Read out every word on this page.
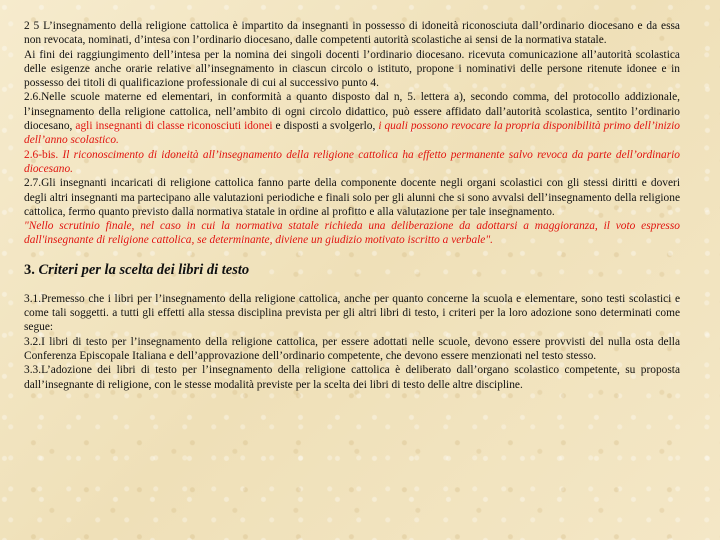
2 5 L’insegnamento della religione cattolica è impartito da insegnanti in possesso di idoneità riconosciuta dall’ordinario diocesano e da essa non revocata, nominati, d’intesa con l’ordinario diocesano, dalle competenti autorità scolastiche ai sensi de la normativa statale.

Ai fini dei raggiungimento dell’intesa per la nomina dei singoli docenti l’ordinario diocesano. ricevuta comunicazione all’autorità scolastica delle esigenze anche orarie relative all’insegnamento in ciascun circolo o istituto, propone i nominativi delle persone ritenute idonee e in possesso dei titoli di qualificazione professionale di cui al successivo punto 4.

2.6.Nelle scuole materne ed elementari, in conformità a quanto disposto dal n, 5. lettera a), secondo comma, del protocollo addizionale, l’insegnamento della religione cattolica, nell’ambito di ogni circolo didattico, può essere affidato dall’autorità scolastica, sentito l’ordinario diocesano, agli insegnanti di classe riconosciuti idonei e disposti a svolgerlo, i quali possono revocare la propria disponibilità primo dell’inizio dell’anno scolastico.

2.6-bis. Il riconoscimento di idoneità all’insegnamento della religione cattolica ha effetto permanente salvo revoca da parte dell’ordinario diocesano.

2.7.Gli insegnanti incaricati di religione cattolica fanno parte della componente docente negli organi scolastici con gli stessi diritti e doveri degli altri insegnanti ma partecipano alle valutazioni periodiche e finali solo per gli alunni che si sono avvalsi dell’insegnamento della religione cattolica, fermo quanto previsto dalla normativa statale in ordine al profitto e alla valutazione per tale insegnamento.

"Nello scrutinio finale, nel caso in cui la normativa statale richieda una deliberazione da adottarsi a maggioranza, il voto espresso dall'insegnante di religione cattolica, se determinante, diviene un giudizio motivato iscritto a verbale".

3. Criteri per la scelta dei libri di testo

3.1.Premesso che i libri per l’insegnamento della religione cattolica, anche per quanto concerne la scuola e elementare, sono testi scolastici e come tali soggetti. a tutti gli effetti alla stessa disciplina prevista per gli altri libri di testo, i criteri per la loro adozione sono determinati come segue:

3.2.I libri di testo per l’insegnamento della religione cattolica, per essere adottati nelle scuole, devono essere provvisti del nulla osta della Conferenza Episcopale Italiana e dell’approvazione dell’ordinario competente, che devono essere menzionati nel testo stesso.

3.3.L’adozione dei libri di testo per l’insegnamento della religione cattolica è deliberato dall’organo scolastico competente, su proposta dall’insegnante di religione, con le stesse modalità previste per la scelta dei libri di testo delle altre discipline.
